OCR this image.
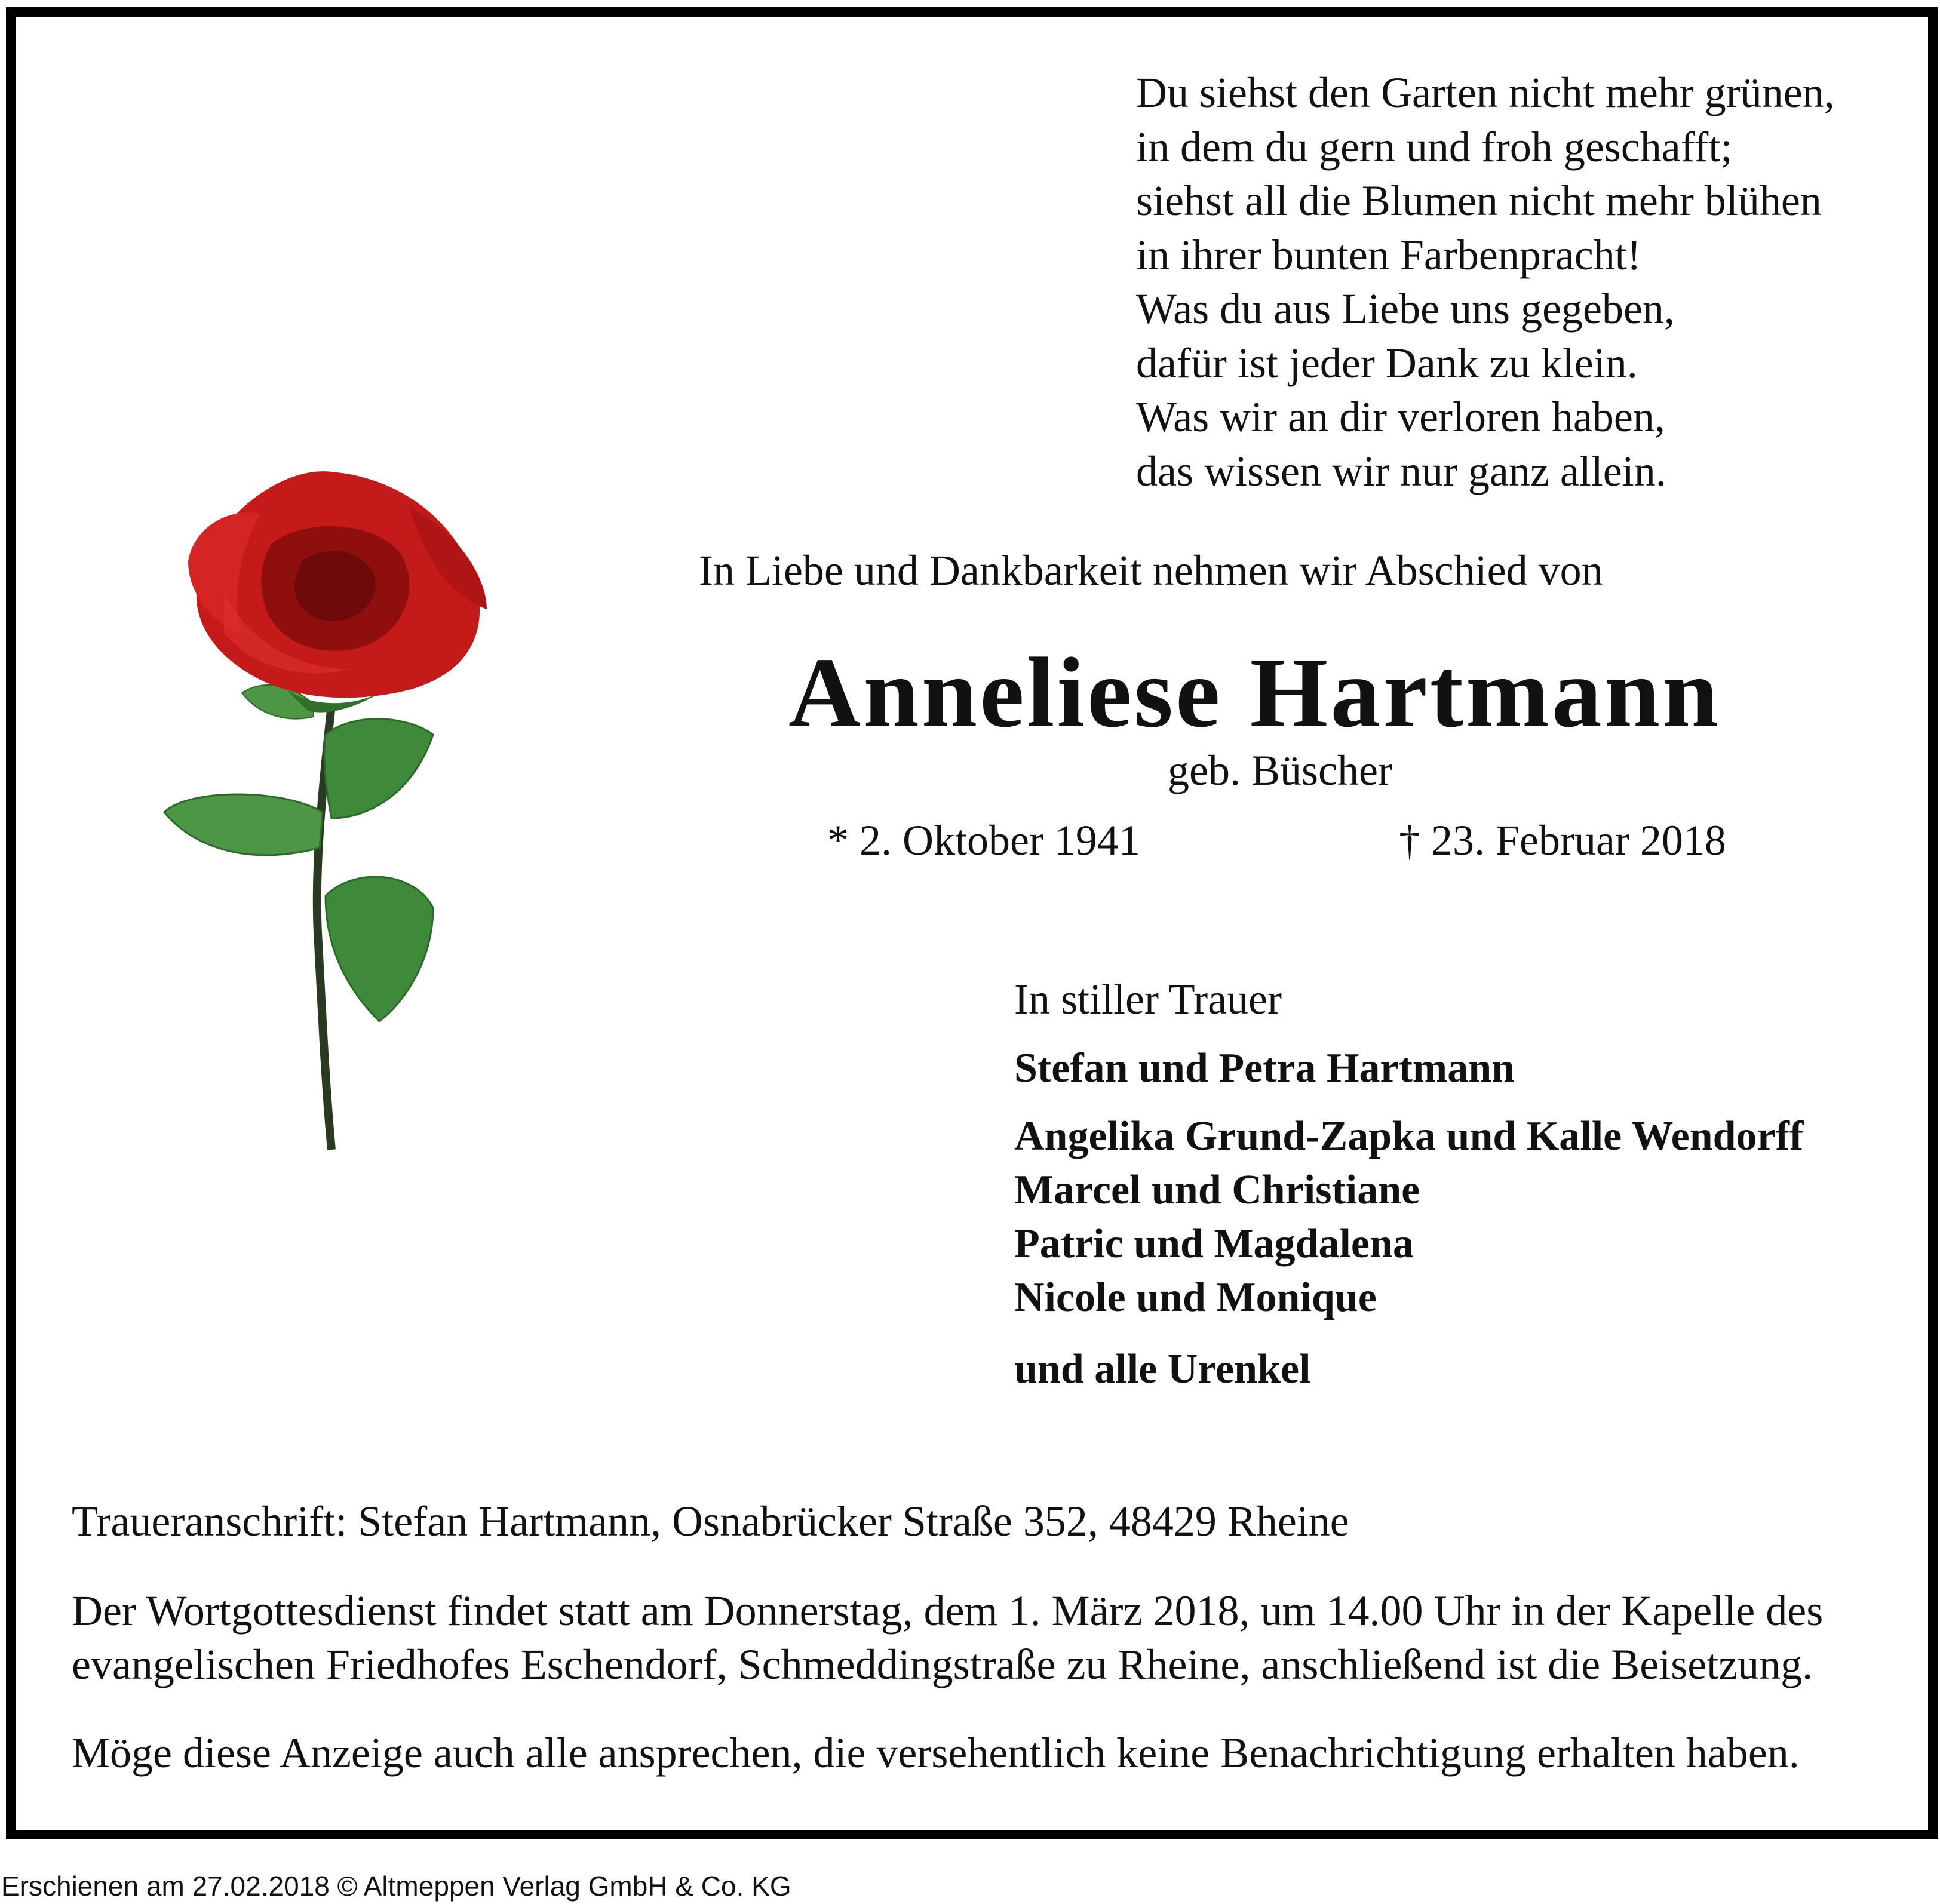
Du siehst den Garten nicht mehr grünen,
in dem du gern und froh geschafft;
siehst all die Blumen nicht mehr blühen
in ihrer bunten Farbenpracht!
Was du aus Liebe uns gegeben,
dafür ist jeder Dank zu klein.
Was wir an dir verloren haben,
das wissen wir nur ganz allein.
In Liebe und Dankbarkeit nehmen wir Abschied von
Anneliese Hartmann
geb. Büscher
* 2. Oktober 1941	† 23. Februar 2018
In stiller Trauer
Stefan und Petra Hartmann
Angelika Grund-Zapka und Kalle Wendorff
Marcel und Christiane
Patric und Magdalena
Nicole und Monique
und alle Urenkel
Traueranschrift: Stefan Hartmann, Osnabrücker Straße 352, 48429 Rheine
Der Wortgottesdienst findet statt am Donnerstag, dem 1. März 2018, um 14.00 Uhr in der Kapelle des
evangelischen Friedhofes Eschendorf, Schmeddingstraße zu Rheine, anschließend ist die Beisetzung.
Möge diese Anzeige auch alle ansprechen, die versehentlich keine Benachrichtigung erhalten haben.
Erschienen am 27.02.2018 © Altmeppen Verlag GmbH & Co. KG
